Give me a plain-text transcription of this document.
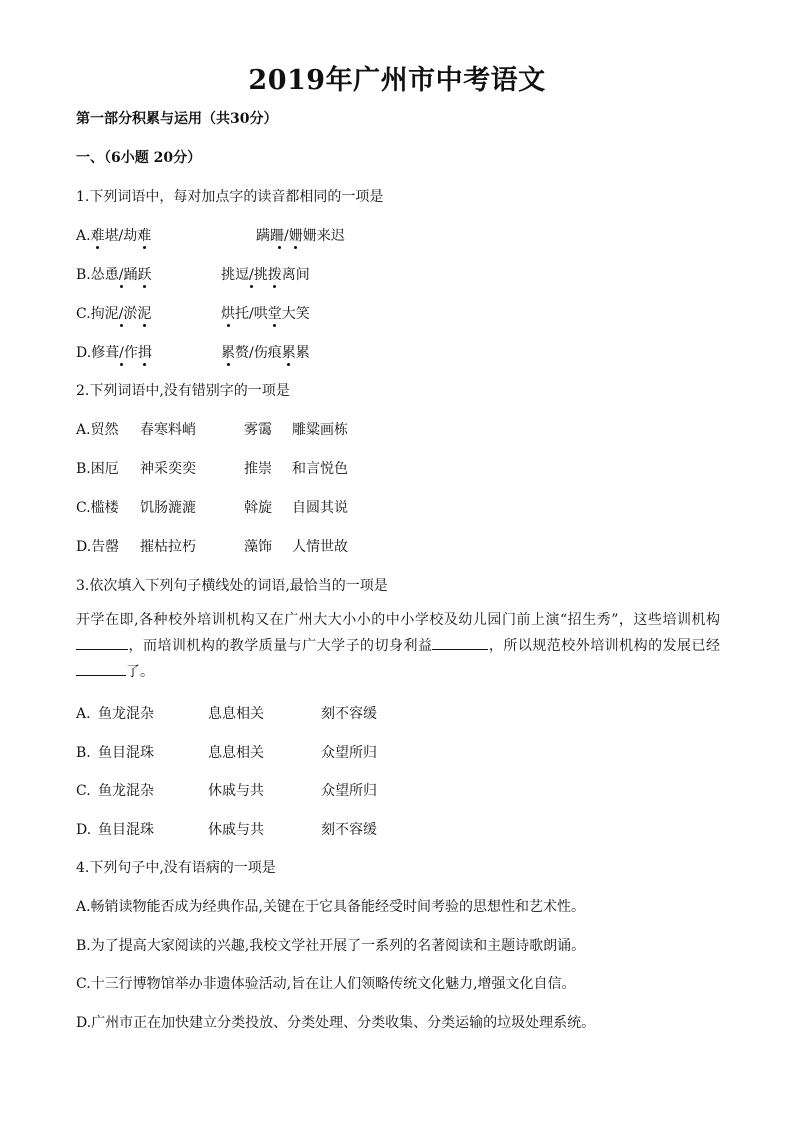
2019年广州市中考语文
第一部分积累与运用（共30分）
一、（6小题 20分）
1.下列词语中，每对加点字的读音都相同的一项是
A.难堪/劫难	蹒跚/姗姗来迟
B.怂恿/踊跃	挑逗/挑拨离间
C.拘泥/淤泥	烘托/哄堂大笑
D.修葺/作揖	累赘/伤痕累累
2.下列词语中,没有错别字的一项是
A.贸然 春寒料峭	雾霭 雕粱画栋
B.困厄 神采奕奕	推崇 和言悦色
C.槛楼 饥肠漉漉	斡旋 自圆其说
D.告罄 摧枯拉朽	藻饰 人情世故
3.依次填入下列句子横线处的词语,最恰当的一项是
开学在即,各种校外培训机构又在广州大大小小的中小学校及幼儿园门前上演“招生秀”，这些培训机构，而培训机构的教学质量与广大学子的切身利益	，所以规范校外培训机构的发展已经了。
A. 鱼龙混杂	息息相关	刻不容缓
B. 鱼目混珠	息息相关	众望所归
C. 鱼龙混杂	休戚与共	众望所归
D. 鱼目混珠	休戚与共	刻不容缓
4.下列句子中,没有语病的一项是
A.畅销读物能否成为经典作品,关键在于它具备能经受时间考验的思想性和艺术性。
B.为了提高大家阅读的兴趣,我校文学社开展了一系列的名著阅读和主题诗歌朗诵。
C.十三行博物馆举办非遗体验活动,旨在让人们领略传统文化魅力,增强文化自信。
D.广州市正在加快建立分类投放、分类处理、分类收集、分类运输的垃圾处理系统。
